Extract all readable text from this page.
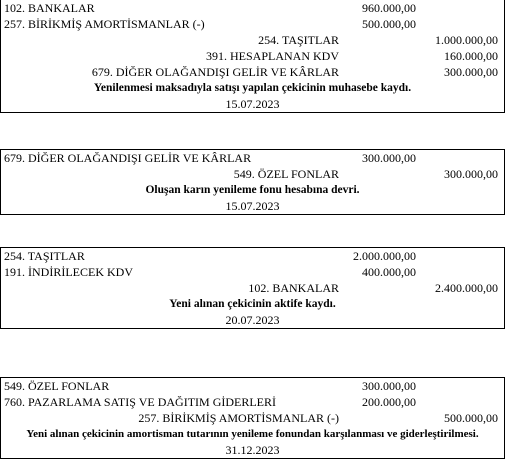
102. BANKALAR	960.000,00
257. BİRİKMİŞ AMORTİSMANLAR (-)	500.000,00
254. TAŞITLAR	1.000.000,00
391. HESAPLANAN KDV	160.000,00
679. DİĞER OLAĞANDIŞI GELİR VE KÂRLAR	300.000,00
Yenilenmesi maksadıyla satışı yapılan çekicinin muhasebe kaydı.
15.07.2023
679. DİĞER OLAĞANDIŞI GELİR VE KÂRLAR	300.000,00
549. ÖZEL FONLAR	300.000,00
Oluşan karın yenileme fonu hesabına devri.
15.07.2023
254. TAŞITLAR	2.000.000,00
191. İNDİRİLECEK KDV	400.000,00
102. BANKALAR	2.400.000,00
Yeni alınan çekicinin aktife kaydı.
20.07.2023
549. ÖZEL FONLAR	300.000,00
760. PAZARLAMA SATIŞ VE DAĞITIM GİDERLERİ	200.000,00
257. BİRİKMİŞ AMORTİSMANLAR (-)	500.000,00
Yeni alınan çekicinin amortisman tutarının yenileme fonundan karşılanması ve giderleştirilmesi.
31.12.2023
